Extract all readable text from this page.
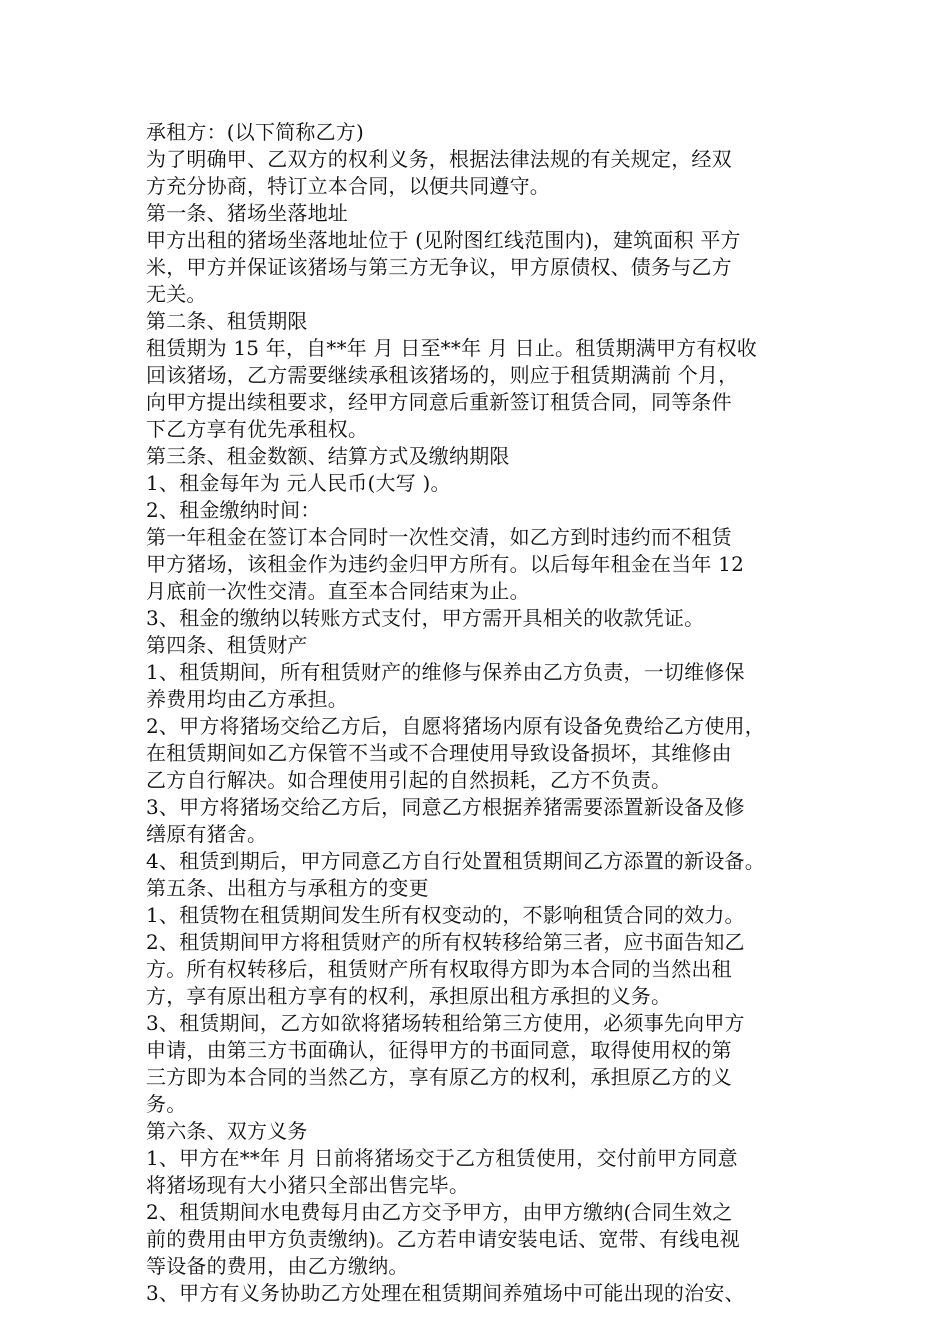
承租方：(以下简称乙方)
为了明确甲、乙双方的权利义务，根据法律法规的有关规定，经双
方充分协商，特订立本合同，以便共同遵守。
第一条、猪场坐落地址
甲方出租的猪场坐落地址位于 (见附图红线范围内)，建筑面积 平方
米，甲方并保证该猪场与第三方无争议，甲方原债权、债务与乙方
无关。
第二条、租赁期限
租赁期为 15 年，自**年 月 日至**年 月 日止。租赁期满甲方有权收
回该猪场，乙方需要继续承租该猪场的，则应于租赁期满前 个月，
向甲方提出续租要求，经甲方同意后重新签订租赁合同，同等条件
下乙方享有优先承租权。
第三条、租金数额、结算方式及缴纳期限
1、租金每年为 元人民币(大写 )。
2、租金缴纳时间：
第一年租金在签订本合同时一次性交清，如乙方到时违约而不租赁
甲方猪场，该租金作为违约金归甲方所有。以后每年租金在当年 12
月底前一次性交清。直至本合同结束为止。
3、租金的缴纳以转账方式支付，甲方需开具相关的收款凭证。
第四条、租赁财产
1、租赁期间，所有租赁财产的维修与保养由乙方负责，一切维修保
养费用均由乙方承担。
2、甲方将猪场交给乙方后，自愿将猪场内原有设备免费给乙方使用，
在租赁期间如乙方保管不当或不合理使用导致设备损坏，其维修由
乙方自行解决。如合理使用引起的自然损耗，乙方不负责。
3、甲方将猪场交给乙方后，同意乙方根据养猪需要添置新设备及修
缮原有猪舍。
4、租赁到期后，甲方同意乙方自行处置租赁期间乙方添置的新设备。
第五条、出租方与承租方的变更
1、租赁物在租赁期间发生所有权变动的，不影响租赁合同的效力。
2、租赁期间甲方将租赁财产的所有权转移给第三者，应书面告知乙
方。所有权转移后，租赁财产所有权取得方即为本合同的当然出租
方，享有原出租方享有的权利，承担原出租方承担的义务。
3、租赁期间，乙方如欲将猪场转租给第三方使用，必须事先向甲方
申请，由第三方书面确认，征得甲方的书面同意，取得使用权的第
三方即为本合同的当然乙方，享有原乙方的权利，承担原乙方的义
务。
第六条、双方义务
1、甲方在**年 月 日前将猪场交于乙方租赁使用，交付前甲方同意
将猪场现有大小猪只全部出售完毕。
2、租赁期间水电费每月由乙方交予甲方，由甲方缴纳(合同生效之
前的费用由甲方负责缴纳)。乙方若申请安装电话、宽带、有线电视
等设备的费用，由乙方缴纳。
3、甲方有义务协助乙方处理在租赁期间养殖场中可能出现的治安、
